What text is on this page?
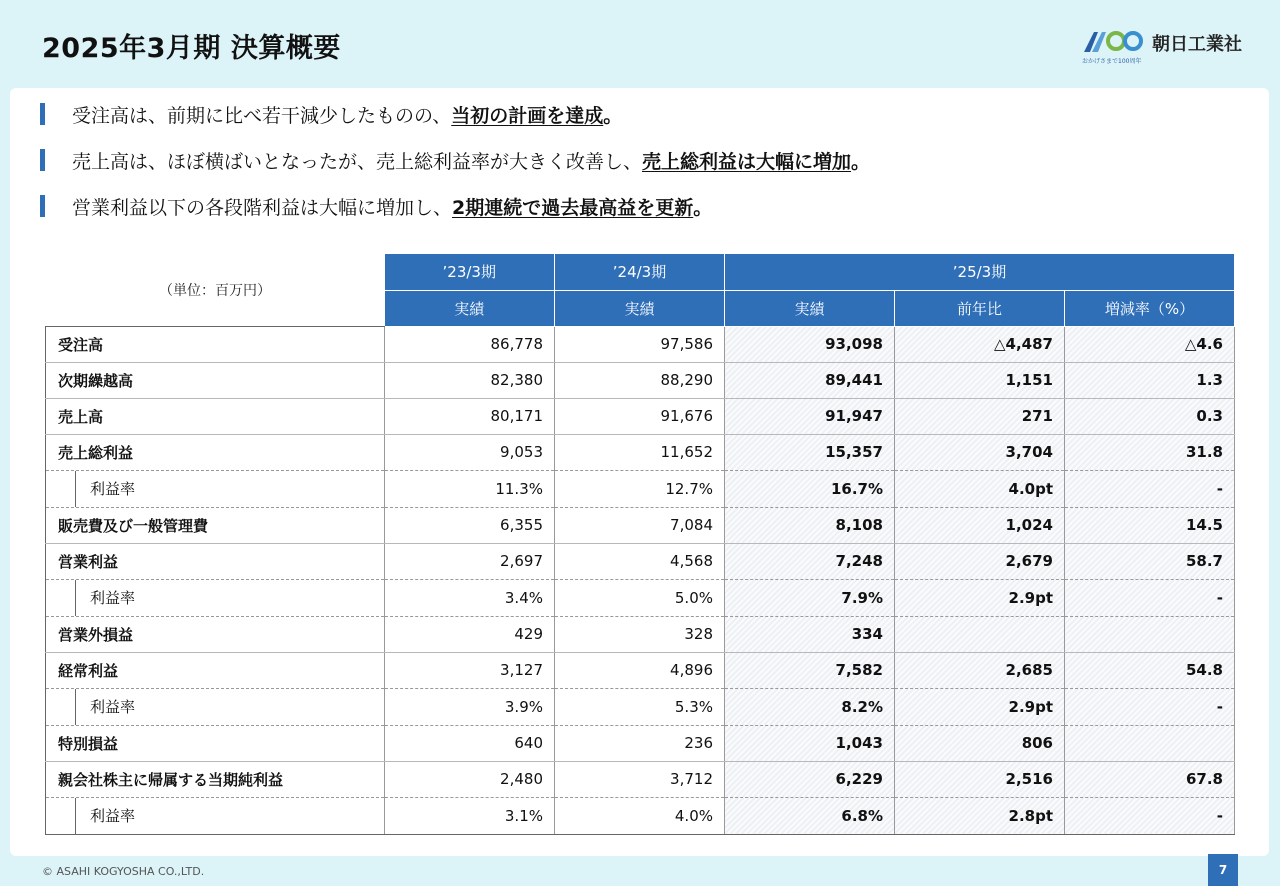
2025年3月期 決算概要	おかげさまで100周年
朝日工業社
受注高は、前期に比べ若干減少したものの、 当初の計画を達成 。
売上高は、ほぼ横ばいとなったが、売上総利益率が大きく改善し、 売上総利益は大幅に増加 。
営業利益以下の各段階利益は大幅に増加し、 2期連続で過去最高益を更新 。
（単位：百万円）	’23/3期	’24/3期	’25/3期		
	実績	実績	実績	前年比	増減率（%）
受注高	86,778	97,586	93,098	△4,487	△4.6
次期繰越高	82,380	88,290	89,441	1,151	1.3
売上高	80,171	91,676	91,947	271	0.3
売上総利益	9,053	11,652	15,357	3,704	31.8
利益率	11.3%	12.7%	16.7%	4.0pt	-
販売費及び一般管理費	6,355	7,084	8,108	1,024	14.5
営業利益	2,697	4,568	7,248	2,679	58.7
利益率	3.4%	5.0%	7.9%	2.9pt	-
営業外損益	429	328	334		
経常利益	3,127	4,896	7,582	2,685	54.8
利益率	3.9%	5.3%	8.2%	2.9pt	-
特別損益	640	236	1,043	806	
親会社株主に帰属する当期純利益	2,480	3,712	6,229	2,516	67.8
利益率	3.1%	4.0%	6.8%	2.8pt	-
© ASAHI KOGYOSHA CO.,LTD.	7
